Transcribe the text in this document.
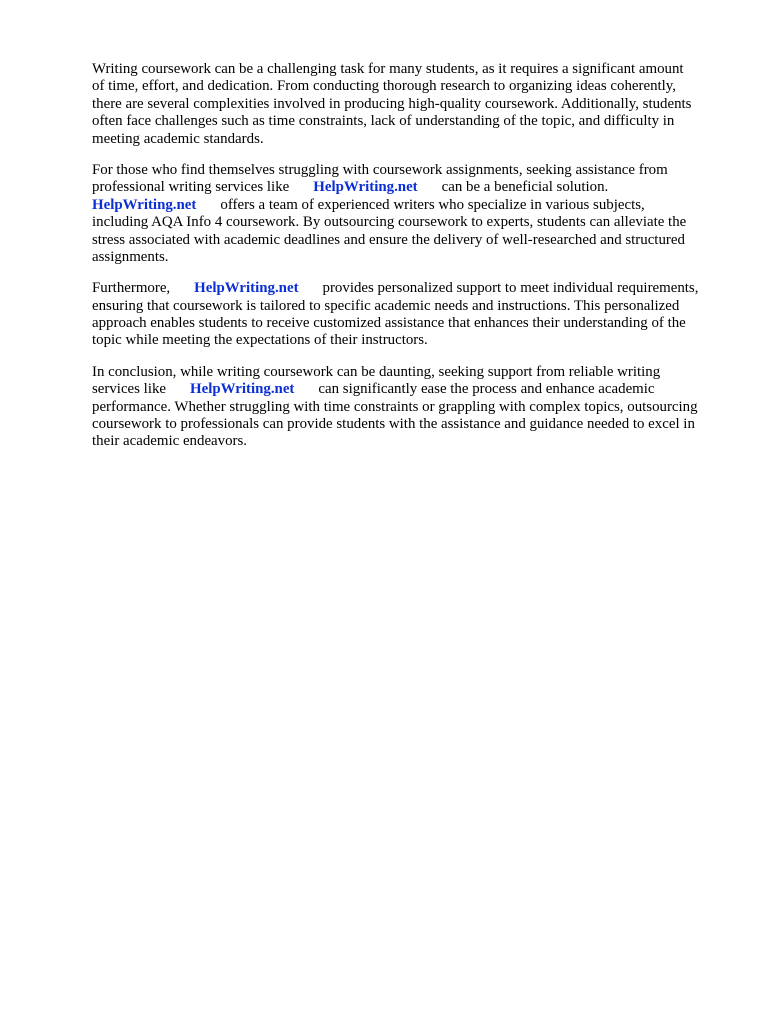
Writing coursework can be a challenging task for many students, as it requires a significant amount
of time, effort, and dedication. From conducting thorough research to organizing ideas coherently,
there are several complexities involved in producing high-quality coursework. Additionally, students
often face challenges such as time constraints, lack of understanding of the topic, and difficulty in
meeting academic standards.

For those who find themselves struggling with coursework assignments, seeking assistance from
professional writing services like HelpWriting.net can be a beneficial solution.
HelpWriting.net offers a team of experienced writers who specialize in various subjects,
including AQA Info 4 coursework. By outsourcing coursework to experts, students can alleviate the
stress associated with academic deadlines and ensure the delivery of well-researched and structured
assignments.

Furthermore, HelpWriting.net provides personalized support to meet individual requirements,
ensuring that coursework is tailored to specific academic needs and instructions. This personalized
approach enables students to receive customized assistance that enhances their understanding of the
topic while meeting the expectations of their instructors.

In conclusion, while writing coursework can be daunting, seeking support from reliable writing
services like HelpWriting.net can significantly ease the process and enhance academic
performance. Whether struggling with time constraints or grappling with complex topics, outsourcing
coursework to professionals can provide students with the assistance and guidance needed to excel in
their academic endeavors.
